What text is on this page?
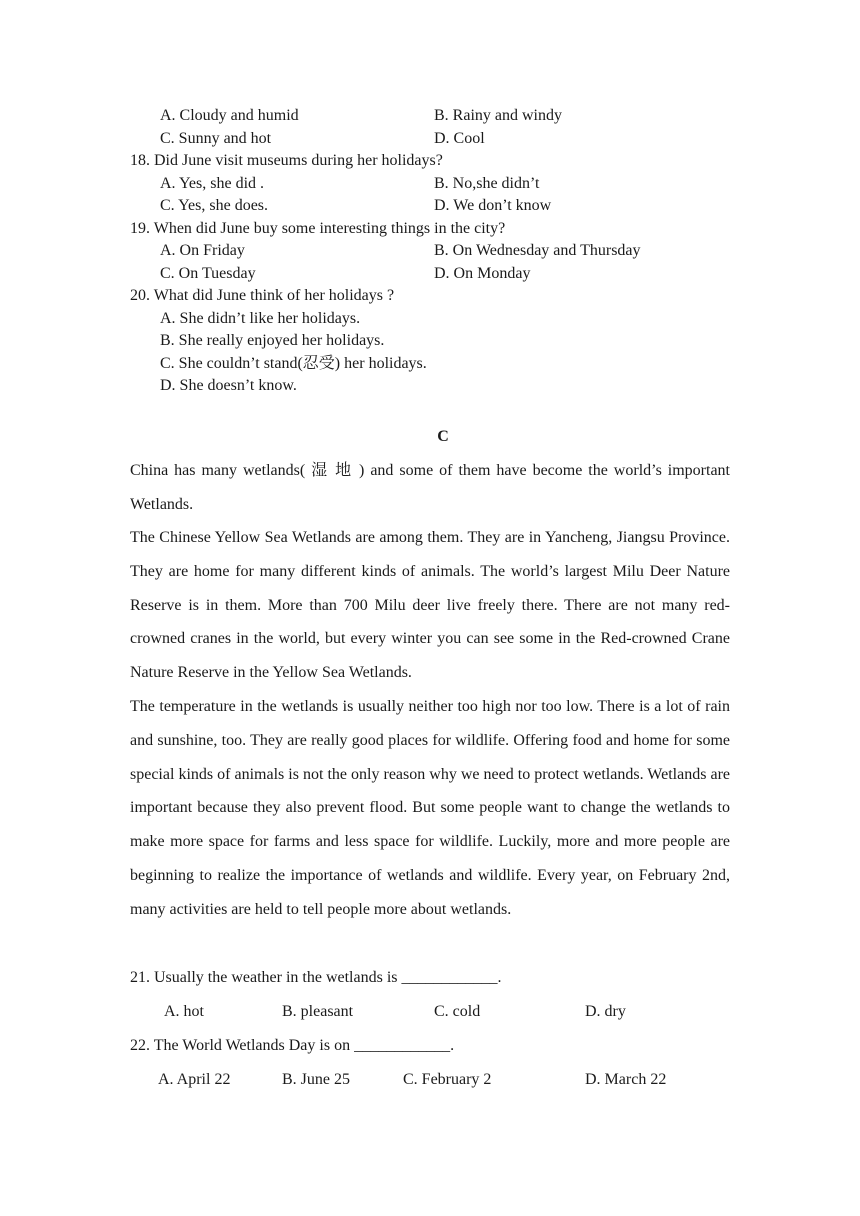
A. Cloudy and humid	B. Rainy and windy
C. Sunny and hot	D. Cool
18. Did June visit museums during her holidays?
A. Yes, she did .	B. No,she didn’t
C. Yes, she does.	D. We don’t know
19. When did June buy some interesting things in the city?
A. On Friday	B. On Wednesday and Thursday
C. On Tuesday	D. On Monday
20. What did June think of her holidays ?
A. She didn’t like her holidays.
B. She really enjoyed her holidays.
C. She couldn’t stand(忍受) her holidays.
D. She doesn’t know.
C
China has many wetlands( 湿 地 ) and some of them have become the world’s important Wetlands.
The Chinese Yellow Sea Wetlands are among them. They are in Yancheng, Jiangsu Province. They are home for many different kinds of animals. The world’s largest Milu Deer Nature Reserve is in them. More than 700 Milu deer live freely there. There are not many red-crowned cranes in the world, but every winter you can see some in the Red-crowned Crane Nature Reserve in the Yellow Sea Wetlands.
The temperature in the wetlands is usually neither too high nor too low. There is a lot of rain and sunshine, too. They are really good places for wildlife. Offering food and home for some special kinds of animals is not the only reason why we need to protect wetlands. Wetlands are important because they also prevent flood. But some people want to change the wetlands to make more space for farms and less space for wildlife. Luckily, more and more people are beginning to realize the importance of wetlands and wildlife. Every year, on February 2nd, many activities are held to tell people more about wetlands.
21. Usually the weather in the wetlands is ____________.
A. hot	B. pleasant	C. cold	D. dry
22. The World Wetlands Day is on ____________.
A. April 22	B. June 25	C. February 2	D. March 22
